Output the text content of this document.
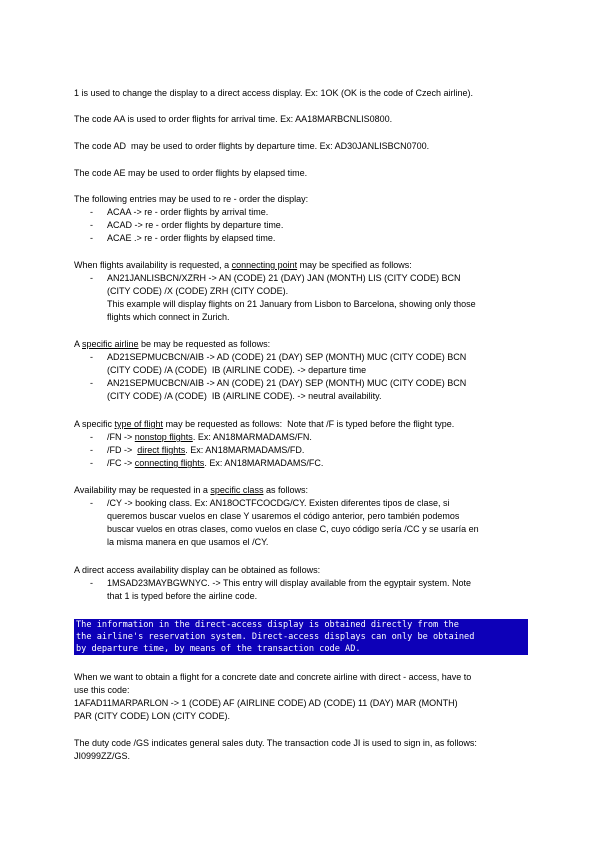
1 is used to change the display to a direct access display. Ex: 1OK (OK is the code of Czech airline).

The code AA is used to order flights for arrival time. Ex: AA18MARBCNLIS0800.

The code AD  may be used to order flights by departure time. Ex: AD30JANLISBCN0700.

The code AE may be used to order flights by elapsed time.

The following entries may be used to re - order the display:

- ACAA -> re - order flights by arrival time.

- ACAD -> re - order flights by departure time.

- ACAE .> re - order flights by elapsed time.

When flights availability is requested, a connecting point may be specified as follows:

- AN21JANLISBCN/XZRH -> AN (CODE) 21 (DAY) JAN (MONTH) LIS (CITY CODE) BCN

(CITY CODE) /X (CODE) ZRH (CITY CODE).

This example will display flights on 21 January from Lisbon to Barcelona, showing only those

flights which connect in Zurich.

A specific airline be may be requested as follows:

- AD21SEPMUCBCN/AIB -> AD (CODE) 21 (DAY) SEP (MONTH) MUC (CITY CODE) BCN

(CITY CODE) /A (CODE)  IB (AIRLINE CODE). -> departure time

- AN21SEPMUCBCN/AIB -> AN (CODE) 21 (DAY) SEP (MONTH) MUC (CITY CODE) BCN

(CITY CODE) /A (CODE)  IB (AIRLINE CODE). -> neutral availability.

A specific type of flight may be requested as follows:  Note that /F is typed before the flight type.

- /FN -> nonstop flights. Ex: AN18MARMADAMS/FN.

- /FD ->  direct flights. Ex: AN18MARMADAMS/FD.

- /FC -> connecting flights. Ex: AN18MARMADAMS/FC.

Availability may be requested in a specific class as follows:

- /CY -> booking class. Ex: AN18OCTFCOCDG/CY. Existen diferentes tipos de clase, si

queremos buscar vuelos en clase Y usaremos el código anterior, pero también podemos

buscar vuelos en otras clases, como vuelos en clase C, cuyo código sería /CC y se usaría en

la misma manera en que usamos el /CY.

A direct access availability display can be obtained as follows:

- 1MSAD23MAYBGWNYC. -> This entry will display available from the egyptair system. Note

that 1 is typed before the airline code.

The information in the direct-access display is obtained directly from the

the airline's reservation system. Direct-access displays can only be obtained

by departure time, by means of the transaction code AD.

When we want to obtain a flight for a concrete date and concrete airline with direct - access, have to

use this code:

1AFAD11MARPARLON -> 1 (CODE) AF (AIRLINE CODE) AD (CODE) 11 (DAY) MAR (MONTH)

PAR (CITY CODE) LON (CITY CODE).

The duty code /GS indicates general sales duty. The transaction code JI is used to sign in, as follows:

JI0999ZZ/GS.
